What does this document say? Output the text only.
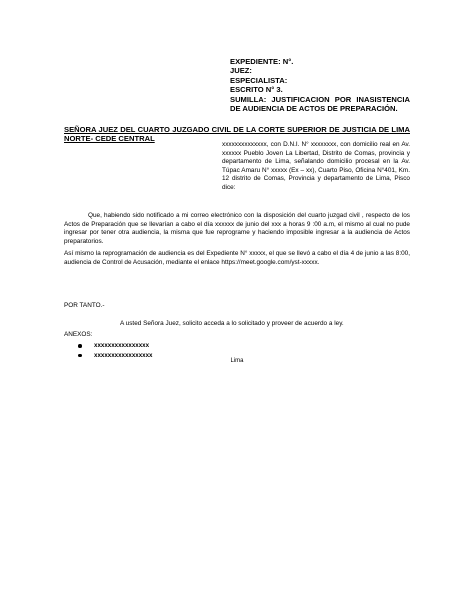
EXPEDIENTE: N°.
JUEZ:
ESPECIALISTA:
ESCRITO N° 3.
SUMILLA: JUSTIFICACION POR INASISTENCIA DE AUDIENCIA DE ACTOS DE PREPARACIÓN.
SEÑORA JUEZ DEL CUARTO JUZGADO CIVIL DE LA CORTE SUPERIOR DE JUSTICIA DE LIMA NORTE- CEDE CENTRAL
xxxxxxxxxxxxxx, con D.N.I. N° xxxxxxxx, con domicilio real en Av. xxxxxx Pueblo Joven La Libertad, Distrito de Comas, provincia y departamento de Lima, señalando domicilio procesal en la Av. Túpac Amaru N° xxxxx (Ex – xx), Cuarto Piso, Oficina N°401, Km. 12 distrito de Comas, Provincia y departamento de Lima, Pisco dice:
Que, habiendo sido notificado a mi correo electrónico con la disposición del cuarto juzgad civil , respecto de los Actos de Preparación que se llevarían a cabo el día xxxxxx de junio del xxx a horas 9 :00 a.m, el mismo al cual no pude ingresar por tener otra audiencia, la misma que fue reprograme y haciendo imposible ingresar a la audiencia de Actos preparatorios.
Así mismo la reprogramación de audiencia es del Expediente N° xxxxx, el que se llevó a cabo el día 4 de junio a las 8:00, audiencia de Control de Acusación, mediante el enlace https://meet.google.com/yst-xxxxx.
POR TANTO.-
A usted Señora Juez, solicito acceda a lo solicitado y proveer de acuerdo a ley.
ANEXOS:
xxxxxxxxxxxxxxxx
xxxxxxxxxxxxxxxxx
Lima
